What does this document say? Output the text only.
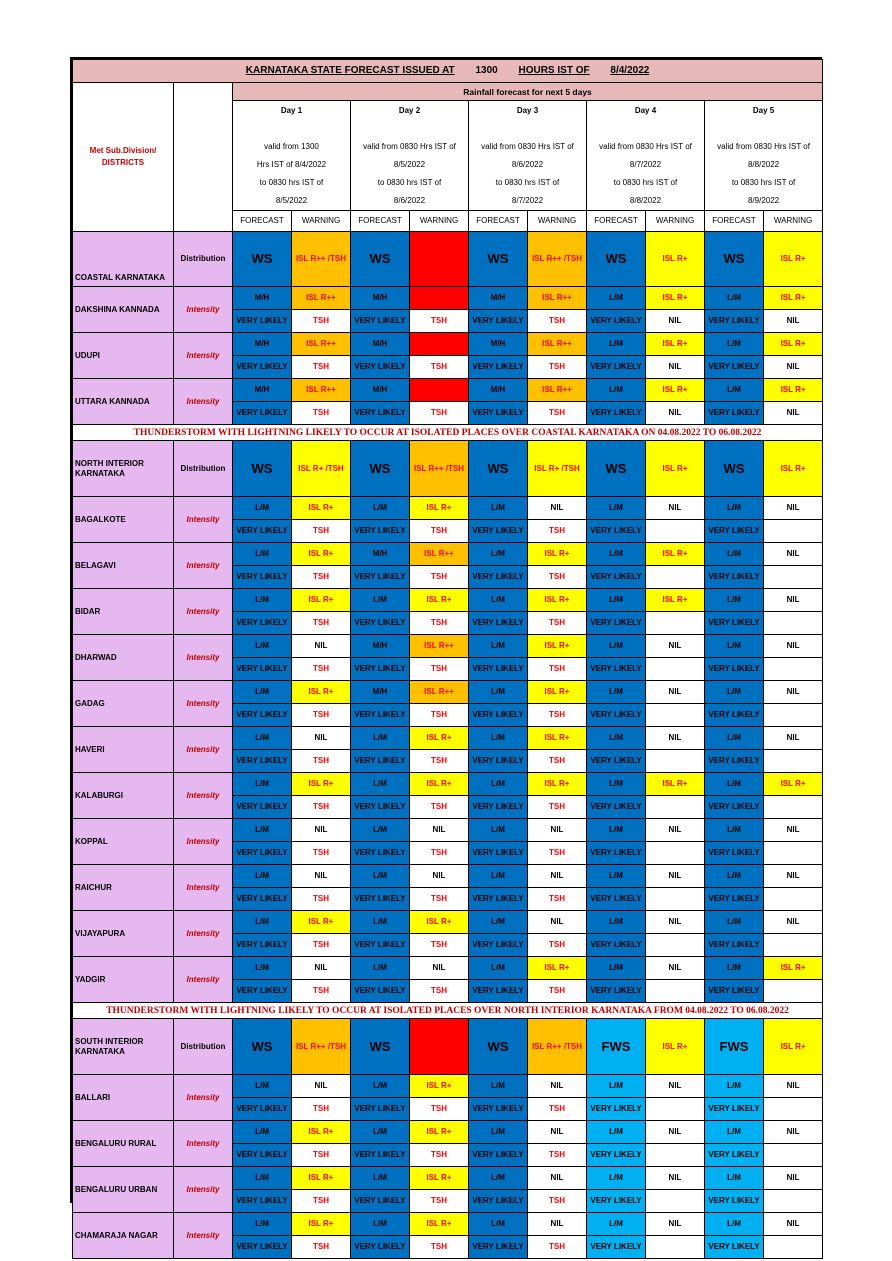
KARNATAKA STATE FORECAST ISSUED AT 1300 HOURS IST OF 8/4/2022											
Met Sub.Division/ DISTRICTS		Rainfall forecast for next 5 days									

		Day 1

valid from 1300
Hrs IST of 8/4/2022
to 0830 hrs IST of
8/5/2022		Day 2

valid from 0830 Hrs IST of 8/5/2022
to 0830 hrs IST of
8/6/2022		Day 3

valid from 0830 Hrs IST of 8/6/2022
to 0830 hrs IST of
8/7/2022		Day 4

valid from 0830 Hrs IST of 8/7/2022
to 0830 hrs IST of
8/8/2022		Day 5

valid from 0830 Hrs IST of 8/8/2022
to 0830 hrs IST of
8/9/2022	
		FORECAST	WARNING	FORECAST	WARNING	FORECAST	WARNING	FORECAST	WARNING	FORECAST	WARNING
COASTAL KARNATAKA	Distribution	WS	ISL R++ /TSH	WS	ISL R+++ / TSH	WS	ISL R++ /TSH	WS	ISL R+	WS	ISL R+
DAKSHINA KANNADA	Intensity	M/H	ISL R++	M/H	ISL R+++	M/H	ISL R++	L/M	ISL R+	L/M	ISL R+
		VERY LIKELY	TSH	VERY LIKELY	TSH	VERY LIKELY	TSH	VERY LIKELY	NIL	VERY LIKELY	NIL
UDUPI	Intensity	M/H	ISL R++	M/H	ISL R+++	M/H	ISL R++	L/M	ISL R+	L/M	ISL R+
		VERY LIKELY	TSH	VERY LIKELY	TSH	VERY LIKELY	TSH	VERY LIKELY	NIL	VERY LIKELY	NIL
UTTARA KANNADA	Intensity	M/H	ISL R++	M/H	ISL R+++	M/H	ISL R++	L/M	ISL R+	L/M	ISL R+
		VERY LIKELY	TSH	VERY LIKELY	TSH	VERY LIKELY	TSH	VERY LIKELY	NIL	VERY LIKELY	NIL
THUNDERSTORM WITH LIGHTNING LIKELY TO OCCUR AT ISOLATED PLACES OVER COASTAL KARNATAKA ON 04.08.2022 TO 06.08.2022											
NORTH INTERIOR KARNATAKA	Distribution	WS	ISL R+ /TSH	WS	ISL R++ /TSH	WS	ISL R+ /TSH	WS	ISL R+	WS	ISL R+
BAGALKOTE	Intensity	L/M	ISL R+	L/M	ISL R+	L/M	NIL	L/M	NIL	L/M	NIL
		VERY LIKELY	TSH	VERY LIKELY	TSH	VERY LIKELY	TSH	VERY LIKELY		VERY LIKELY	
BELAGAVI	Intensity	L/M	ISL R+	M/H	ISL R++	L/M	ISL R+	L/M	ISL R+	L/M	NIL
		VERY LIKELY	TSH	VERY LIKELY	TSH	VERY LIKELY	TSH	VERY LIKELY		VERY LIKELY	
BIDAR	Intensity	L/M	ISL R+	L/M	ISL R+	L/M	ISL R+	L/M	ISL R+	L/M	NIL
		VERY LIKELY	TSH	VERY LIKELY	TSH	VERY LIKELY	TSH	VERY LIKELY		VERY LIKELY	
DHARWAD	Intensity	L/M	NIL	M/H	ISL R++	L/M	ISL R+	L/M	NIL	L/M	NIL
		VERY LIKELY	TSH	VERY LIKELY	TSH	VERY LIKELY	TSH	VERY LIKELY		VERY LIKELY	
GADAG	Intensity	L/M	ISL R+	M/H	ISL R++	L/M	ISL R+	L/M	NIL	L/M	NIL
		VERY LIKELY	TSH	VERY LIKELY	TSH	VERY LIKELY	TSH	VERY LIKELY		VERY LIKELY	
HAVERI	Intensity	L/M	NIL	L/M	ISL R+	L/M	ISL R+	L/M	NIL	L/M	NIL
		VERY LIKELY	TSH	VERY LIKELY	TSH	VERY LIKELY	TSH	VERY LIKELY		VERY LIKELY	
KALABURGI	Intensity	L/M	ISL R+	L/M	ISL R+	L/M	ISL R+	L/M	ISL R+	L/M	ISL R+
		VERY LIKELY	TSH	VERY LIKELY	TSH	VERY LIKELY	TSH	VERY LIKELY		VERY LIKELY	
KOPPAL	Intensity	L/M	NIL	L/M	NIL	L/M	NIL	L/M	NIL	L/M	NIL
		VERY LIKELY	TSH	VERY LIKELY	TSH	VERY LIKELY	TSH	VERY LIKELY		VERY LIKELY	
RAICHUR	Intensity	L/M	NIL	L/M	NIL	L/M	NIL	L/M	NIL	L/M	NIL
		VERY LIKELY	TSH	VERY LIKELY	TSH	VERY LIKELY	TSH	VERY LIKELY		VERY LIKELY	
VIJAYAPURA	Intensity	L/M	ISL R+	L/M	ISL R+	L/M	NIL	L/M	NIL	L/M	NIL
		VERY LIKELY	TSH	VERY LIKELY	TSH	VERY LIKELY	TSH	VERY LIKELY		VERY LIKELY	
YADGIR	Intensity	L/M	NIL	L/M	NIL	L/M	ISL R+	L/M	NIL	L/M	ISL R+
		VERY LIKELY	TSH	VERY LIKELY	TSH	VERY LIKELY	TSH	VERY LIKELY		VERY LIKELY	
THUNDERSTORM WITH LIGHTNING LIKELY TO OCCUR AT ISOLATED PLACES OVER NORTH INTERIOR KARNATAKA FROM 04.08.2022 TO 06.08.2022											
SOUTH INTERIOR KARNATAKA	Distribution	WS	ISL R++ /TSH	WS	ISL R+++ / TSH	WS	ISL R++ /TSH	FWS	ISL R+	FWS	ISL R+
BALLARI	Intensity	L/M	NIL	L/M	ISL R+	L/M	NIL	L/M	NIL	L/M	NIL
		VERY LIKELY	TSH	VERY LIKELY	TSH	VERY LIKELY	TSH	VERY LIKELY		VERY LIKELY	
BENGALURU RURAL	Intensity	L/M	ISL R+	L/M	ISL R+	L/M	NIL	L/M	NIL	L/M	NIL
		VERY LIKELY	TSH	VERY LIKELY	TSH	VERY LIKELY	TSH	VERY LIKELY		VERY LIKELY	
BENGALURU URBAN	Intensity	L/M	ISL R+	L/M	ISL R+	L/M	NIL	L/M	NIL	L/M	NIL
		VERY LIKELY	TSH	VERY LIKELY	TSH	VERY LIKELY	TSH	VERY LIKELY		VERY LIKELY	
CHAMARAJA NAGAR	Intensity	L/M	ISL R+	L/M	ISL R+	L/M	NIL	L/M	NIL	L/M	NIL
		VERY LIKELY	TSH	VERY LIKELY	TSH	VERY LIKELY	TSH	VERY LIKELY		VERY LIKELY	
